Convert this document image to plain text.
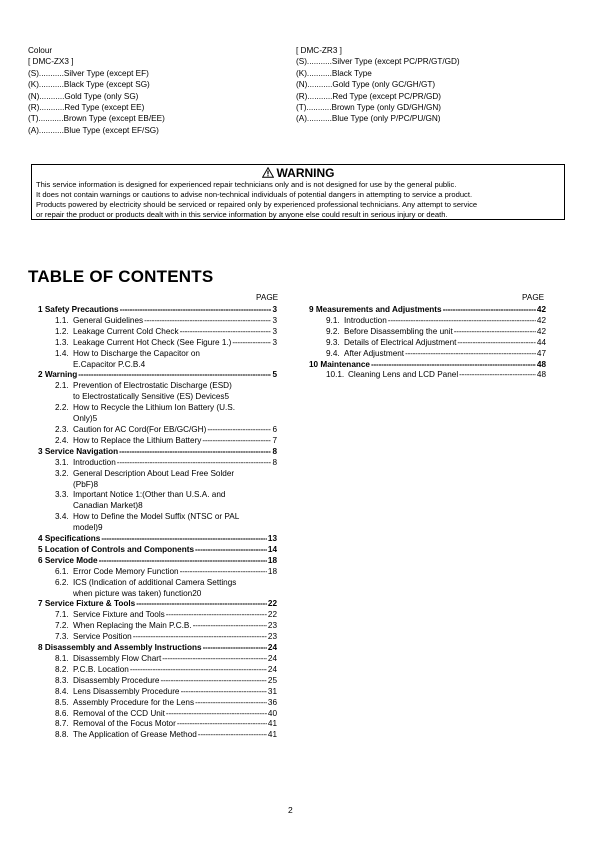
Colour
[ DMC-ZX3 ]
(S)...........Silver Type (except EF)
(K)...........Black Type (except SG)
(N)...........Gold Type (only SG)
(R)...........Red Type (except EE)
(T)...........Brown Type (except EB/EE)
(A)...........Blue Type (except EF/SG)
[ DMC-ZR3 ]
(S)...........Silver Type (except PC/PR/GT/GD)
(K)...........Black Type
(N)...........Gold Type (only GC/GH/GT)
(R)...........Red Type (except PC/PR/GD)
(T)...........Brown Type (only GD/GH/GN)
(A)...........Blue Type (only P/PC/PU/GN)
WARNING
This service information is designed for experienced repair technicians only and is not designed for use by the general public.
It does not contain warnings or cautions to advise non-technical individuals of potential dangers in attempting to service a product.
Products powered by electricity should be serviced or repaired only by experienced professional technicians. Any attempt to service
or repair the product or products dealt with in this service information by anyone else could result in serious injury or death.
TABLE OF CONTENTS
PAGE	PAGE
1 Safety Precautions -----	3
1.1. General Guidelines -----	3
1.2. Leakage Current Cold Check -----	3
1.3. Leakage Current Hot Check (See Figure 1.) -----	3
1.4. How to Discharge the Capacitor on
E.Capacitor P.C.B. 4
2 Warning -----	5
2.1. Prevention of Electrostatic Discharge (ESD)
to Electrostatically Sensitive (ES) Devices 5
2.2. How to Recycle the Lithium Ion Battery (U.S.
Only) 5
2.3. Caution for AC Cord(For EB/GC/GH) -----	6
2.4. How to Replace the Lithium Battery -----	7
3 Service Navigation -----	8
3.1. Introduction -----	8
3.2. General Description About Lead Free Solder
(PbF) 8
3.3. Important Notice 1:(Other than U.S.A. and
Canadian Market) 8
3.4. How to Define the Model Suffix (NTSC or PAL
model) 9
4 Specifications -----	13
5 Location of Controls and Components -----	14
6 Service Mode -----	18
6.1. Error Code Memory Function -----	18
6.2. ICS (Indication of additional Camera Settings
when picture was taken) function 20
7 Service Fixture & Tools -----	22
7.1. Service Fixture and Tools -----	22
7.2. When Replacing the Main P.C.B. -----	23
7.3. Service Position -----	23
8 Disassembly and Assembly Instructions -----	24
8.1. Disassembly Flow Chart -----	24
8.2. P.C.B. Location -----	24
8.3. Disassembly Procedure -----	25
8.4. Lens Disassembly Procedure -----	31
8.5. Assembly Procedure for the Lens -----	36
8.6. Removal of the CCD Unit -----	40
8.7. Removal of the Focus Motor -----	41
8.8. The Application of Grease Method -----	41
9 Measurements and Adjustments -----	42
9.1. Introduction -----	42
9.2. Before Disassembling the unit -----	42
9.3. Details of Electrical Adjustment -----	44
9.4. After Adjustment -----	47
10 Maintenance -----	48
10.1. Cleaning Lens and LCD Panel -----	48
2
